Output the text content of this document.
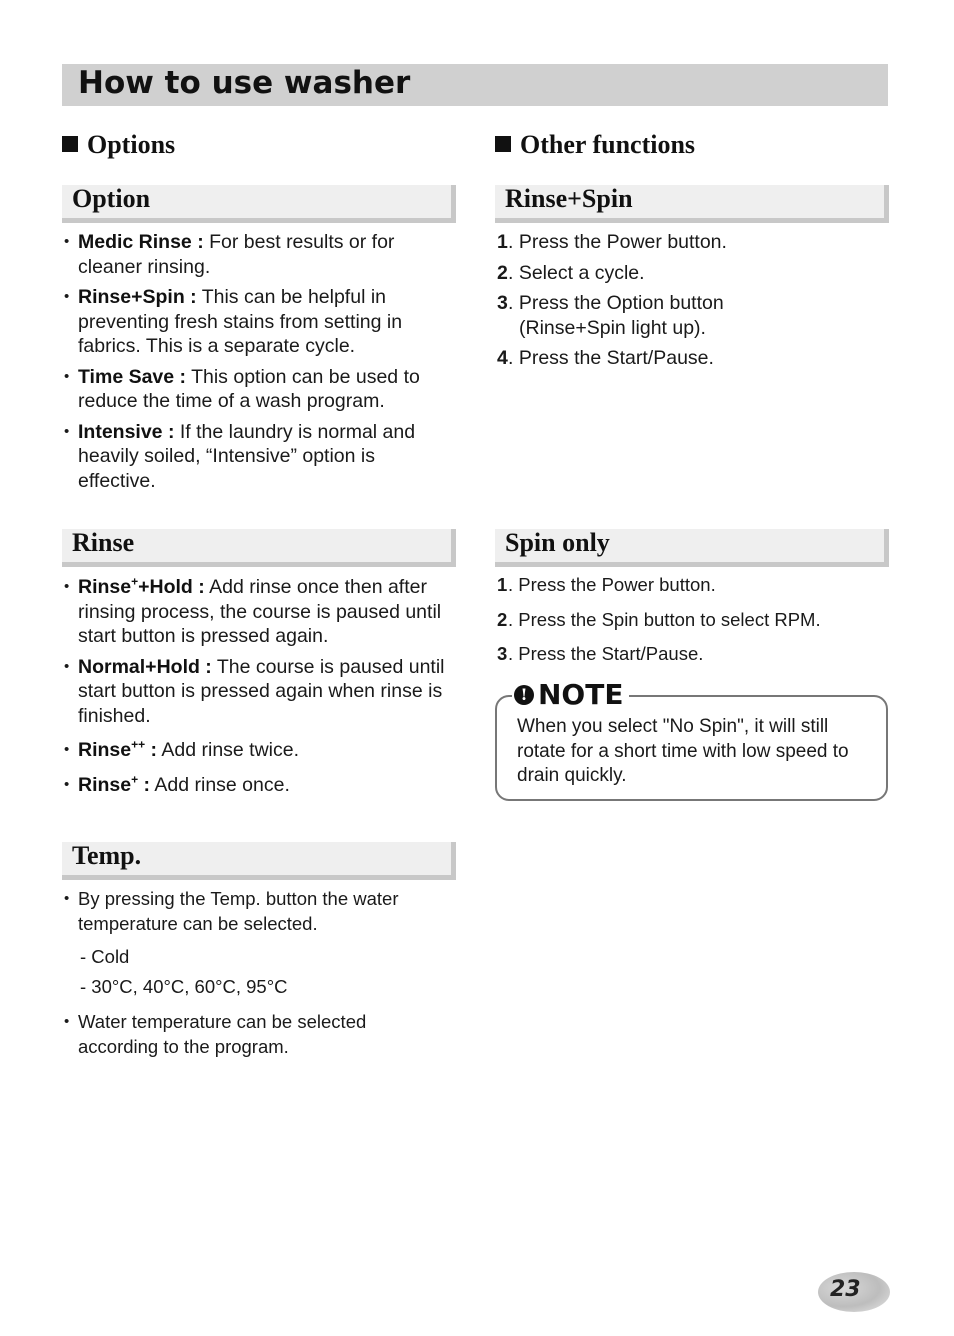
How to use washer
Options
Option
• Medic Rinse : For best results or for cleaner rinsing.
• Rinse+Spin : This can be helpful in preventing fresh stains from setting in fabrics. This is a separate cycle.
• Time Save : This option can be used to reduce the time of a wash program.
• Intensive : If the laundry is normal and heavily soiled, “Intensive” option is effective.
Rinse
• Rinse++Hold : Add rinse once then after rinsing process, the course is paused until start button is pressed again.
• Normal+Hold : The course is paused until start button is pressed again when rinse is finished.
• Rinse++ : Add rinse twice.
• Rinse+ : Add rinse once.
Temp.
• By pressing the Temp. button the water temperature can be selected.
- Cold
- 30°C, 40°C, 60°C, 95°C
• Water temperature can be selected according to the program.
Other functions
Rinse+Spin
1 . Press the Power button.
2 . Select a cycle.
3 . Press the Option button (Rinse+Spin light up).
4 . Press the Start/Pause.
Spin only
1 . Press the Power button.
2 . Press the Spin button to select RPM.
3 . Press the Start/Pause.
When you select "No Spin", it will still rotate for a short time with low speed to drain quickly.
! NOTE
23
